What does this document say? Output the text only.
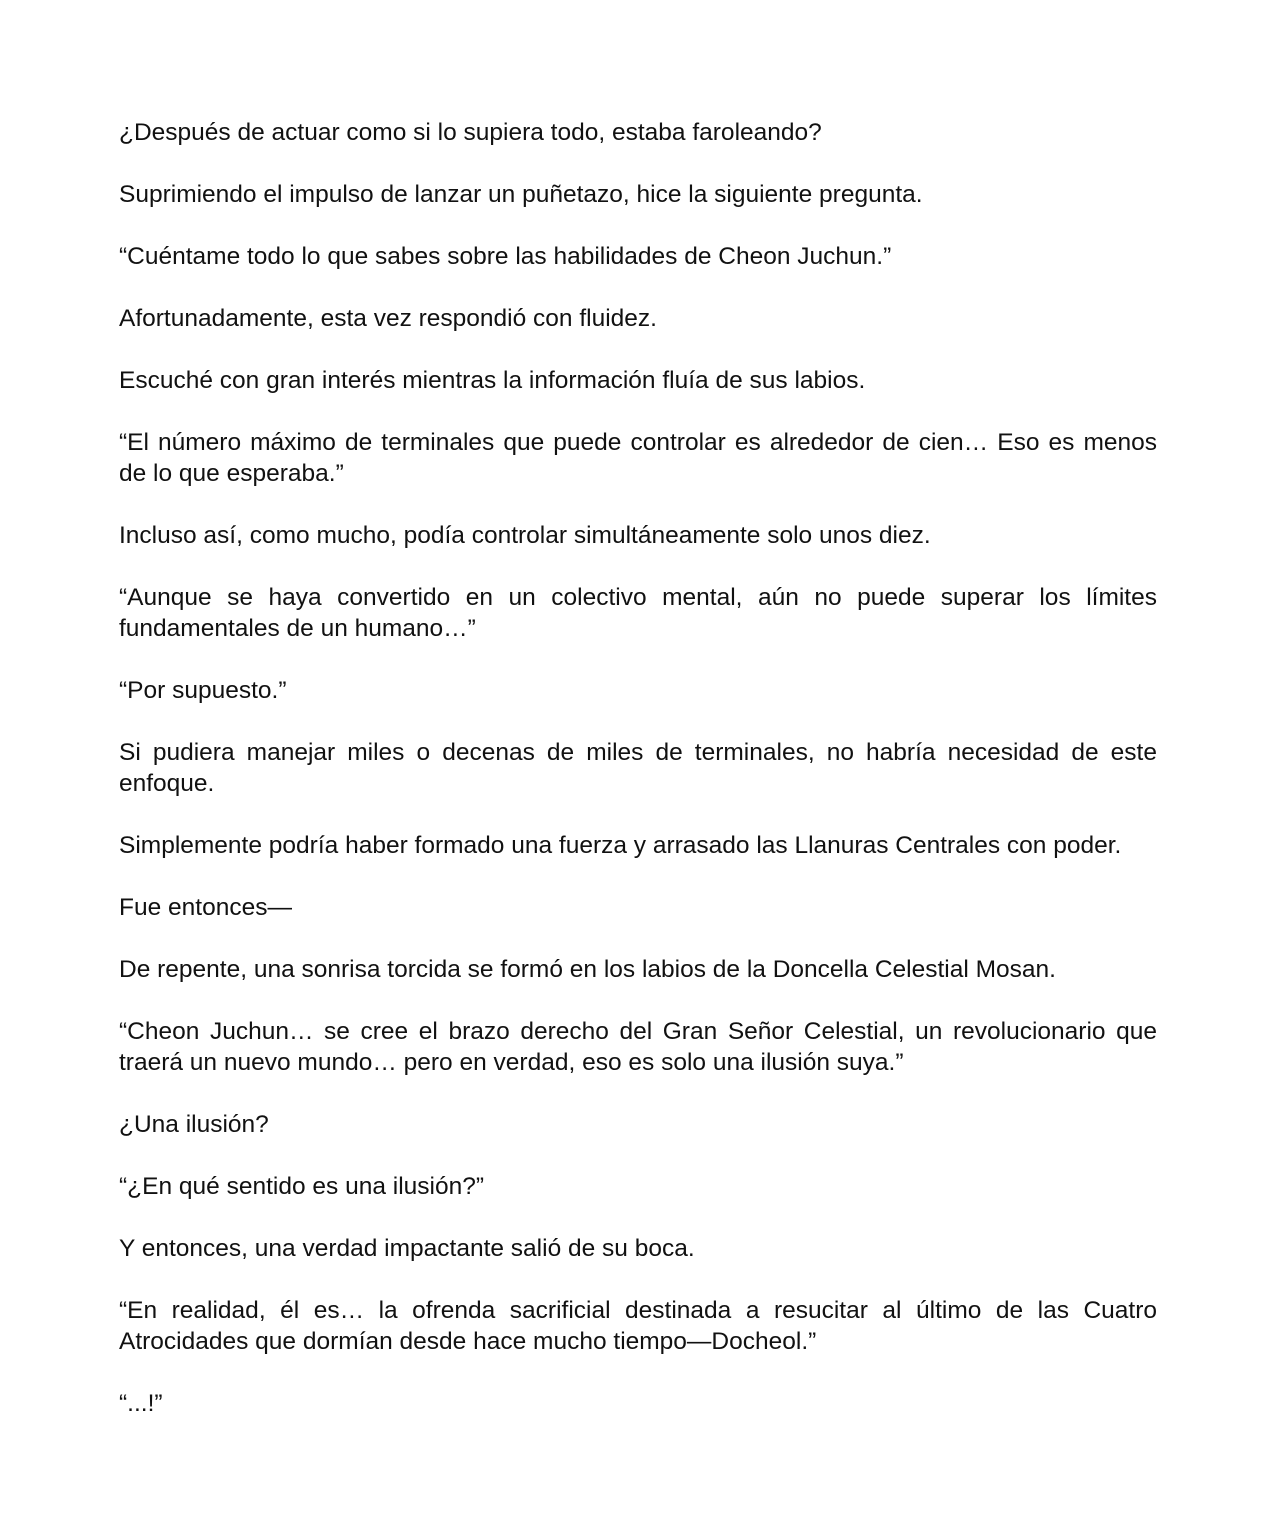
¿Después de actuar como si lo supiera todo, estaba faroleando?

Suprimiendo el impulso de lanzar un puñetazo, hice la siguiente pregunta.

“Cuéntame todo lo que sabes sobre las habilidades de Cheon Juchun.”

Afortunadamente, esta vez respondió con fluidez.

Escuché con gran interés mientras la información fluía de sus labios.

“El número máximo de terminales que puede controlar es alrededor de cien… Eso es menos de lo que esperaba.”

Incluso así, como mucho, podía controlar simultáneamente solo unos diez.

“Aunque se haya convertido en un colectivo mental, aún no puede superar los límites fundamentales de un humano…”

“Por supuesto.”

Si pudiera manejar miles o decenas de miles de terminales, no habría necesidad de este enfoque.

Simplemente podría haber formado una fuerza y arrasado las Llanuras Centrales con poder.

Fue entonces—

De repente, una sonrisa torcida se formó en los labios de la Doncella Celestial Mosan.

“Cheon Juchun… se cree el brazo derecho del Gran Señor Celestial, un revolucionario que traerá un nuevo mundo… pero en verdad, eso es solo una ilusión suya.”

¿Una ilusión?

“¿En qué sentido es una ilusión?”

Y entonces, una verdad impactante salió de su boca.

“En realidad, él es… la ofrenda sacrificial destinada a resucitar al último de las Cuatro Atrocidades que dormían desde hace mucho tiempo—Docheol.”

“...!”
